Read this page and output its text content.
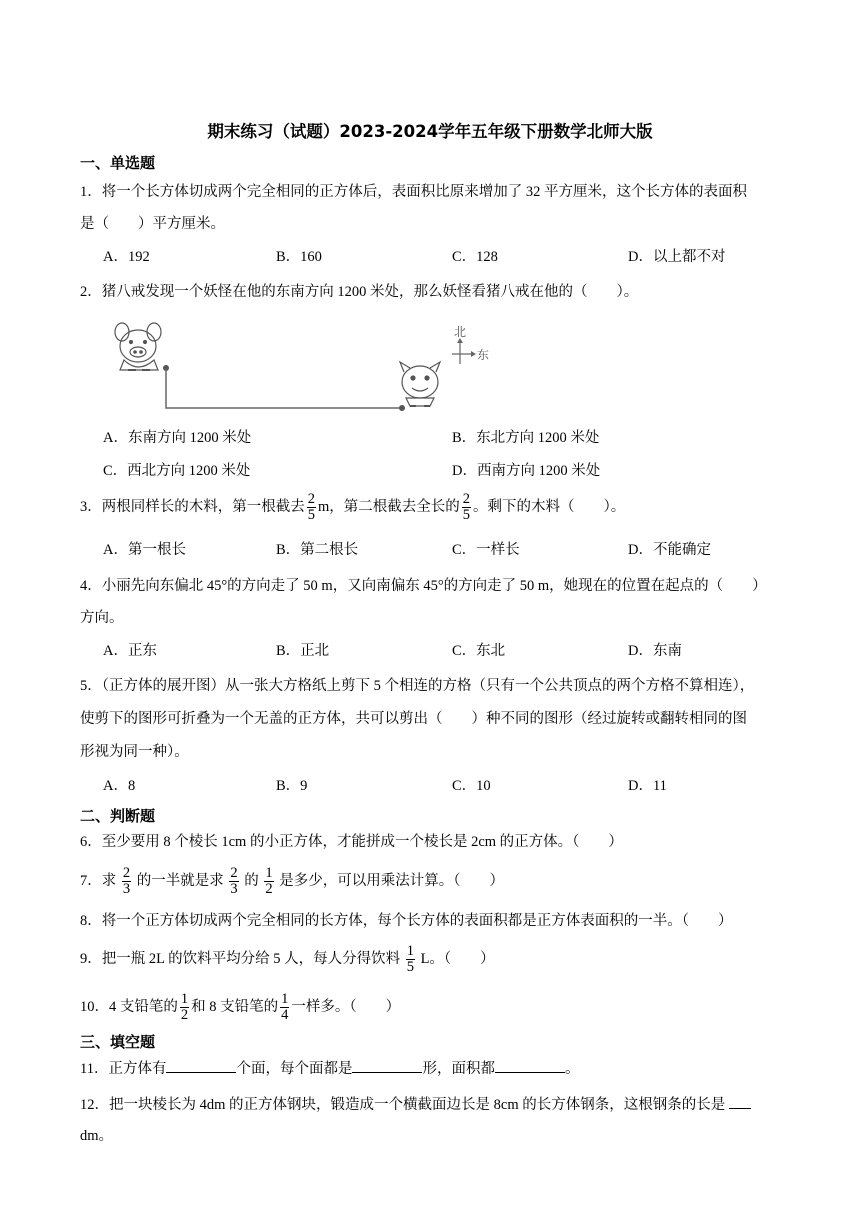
期末练习（试题）2023-2024学年五年级下册数学北师大版
一、单选题
1．将一个长方体切成两个完全相同的正方体后，表面积比原来增加了 32 平方厘米，这个长方体的表面积
是（　　）平方厘米。
A．192	B．160	C．128	D．以上都不对
2．猪八戒发现一个妖怪在他的东南方向 1200 米处，那么妖怪看猪八戒在他的（　　）。
北
东
A．东南方向 1200 米处	B．东北方向 1200 米处
C．西北方向 1200 米处	D．西南方向 1200 米处
3．两根同样长的木料，第一根截去 $\frac{2}{5}$ m，第二根截去全长的 $\frac{2}{5}$ 。剩下的木料（　　）。
A．第一根长	B．第二根长	C．一样长	D．不能确定
4．小丽先向东偏北 45°的方向走了 50 m，又向南偏东 45°的方向走了 50 m，她现在的位置在起点的（　　）
方向。
A．正东	B．正北	C．东北	D．东南
5．（正方体的展开图）从一张大方格纸上剪下 5 个相连的方格（只有一个公共顶点的两个方格不算相连），
使剪下的图形可折叠为一个无盖的正方体，共可以剪出（　　）种不同的图形（经过旋转或翻转相同的图
形视为同一种）。
A．8	B．9	C．10	D．11
二、判断题
6．至少要用 8 个棱长 1cm 的小正方体，才能拼成一个棱长是 2cm 的正方体。（　　）
7．求 $\frac{2}{3}$ 的一半就是求 $\frac{2}{3}$ 的 $\frac{1}{2}$ 是多少，可以用乘法计算。（　　）
8．将一个正方体切成两个完全相同的长方体，每个长方体的表面积都是正方体表面积的一半。（　　）
9．把一瓶 2L 的饮料平均分给 5 人，每人分得饮料 $\frac{1}{5}$ L。（　　）
10．4 支铅笔的 $\frac{1}{2}$ 和 8 支铅笔的 $\frac{1}{4}$ 一样多。（　　）
三、填空题
11．正方体有	个面，每个面都是	形，面积都	。
12．把一块棱长为 4dm 的正方体钢块，锻造成一个横截面边长是 8cm 的长方体钢条，这根钢条的长是
dm。
